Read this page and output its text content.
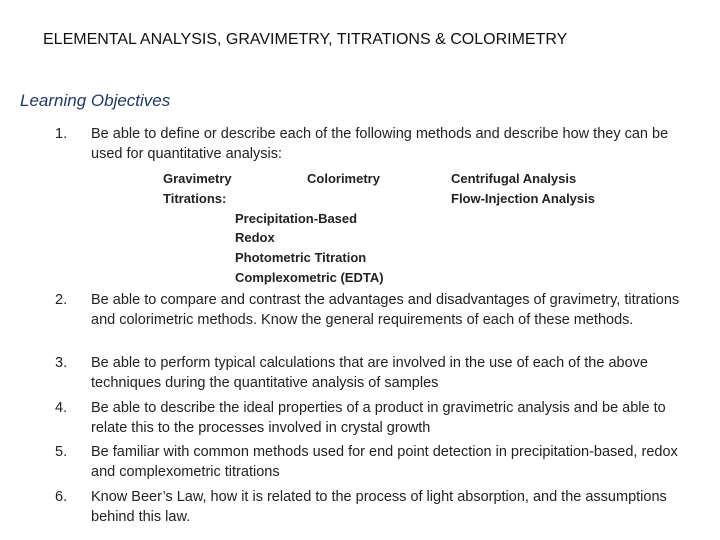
ELEMENTAL ANALYSIS, GRAVIMETRY, TITRATIONS & COLORIMETRY
Learning Objectives
1.	Be able to define or describe each of the following methods and describe how they can be used for quantitative analysis:
Gravimetry	Colorimetry	Centrifugal Analysis
Titrations:	Flow-Injection Analysis
Precipitation-Based
Redox
Photometric Titration
Complexometric (EDTA)
2.	Be able to compare and contrast the advantages and disadvantages of gravimetry, titrations and colorimetric methods. Know the general requirements of each of these methods.
3.	Be able to perform typical calculations that are involved in the use of each of the above techniques during the quantitative analysis of samples
4.	Be able to describe the ideal properties of a product in gravimetric analysis and be able to relate this to the processes involved in crystal growth
5.	Be familiar with common methods used for end point detection in precipitation-based, redox and complexometric titrations
6.	Know Beer’s Law, how it is related to the process of light absorption, and the assumptions behind this law.
